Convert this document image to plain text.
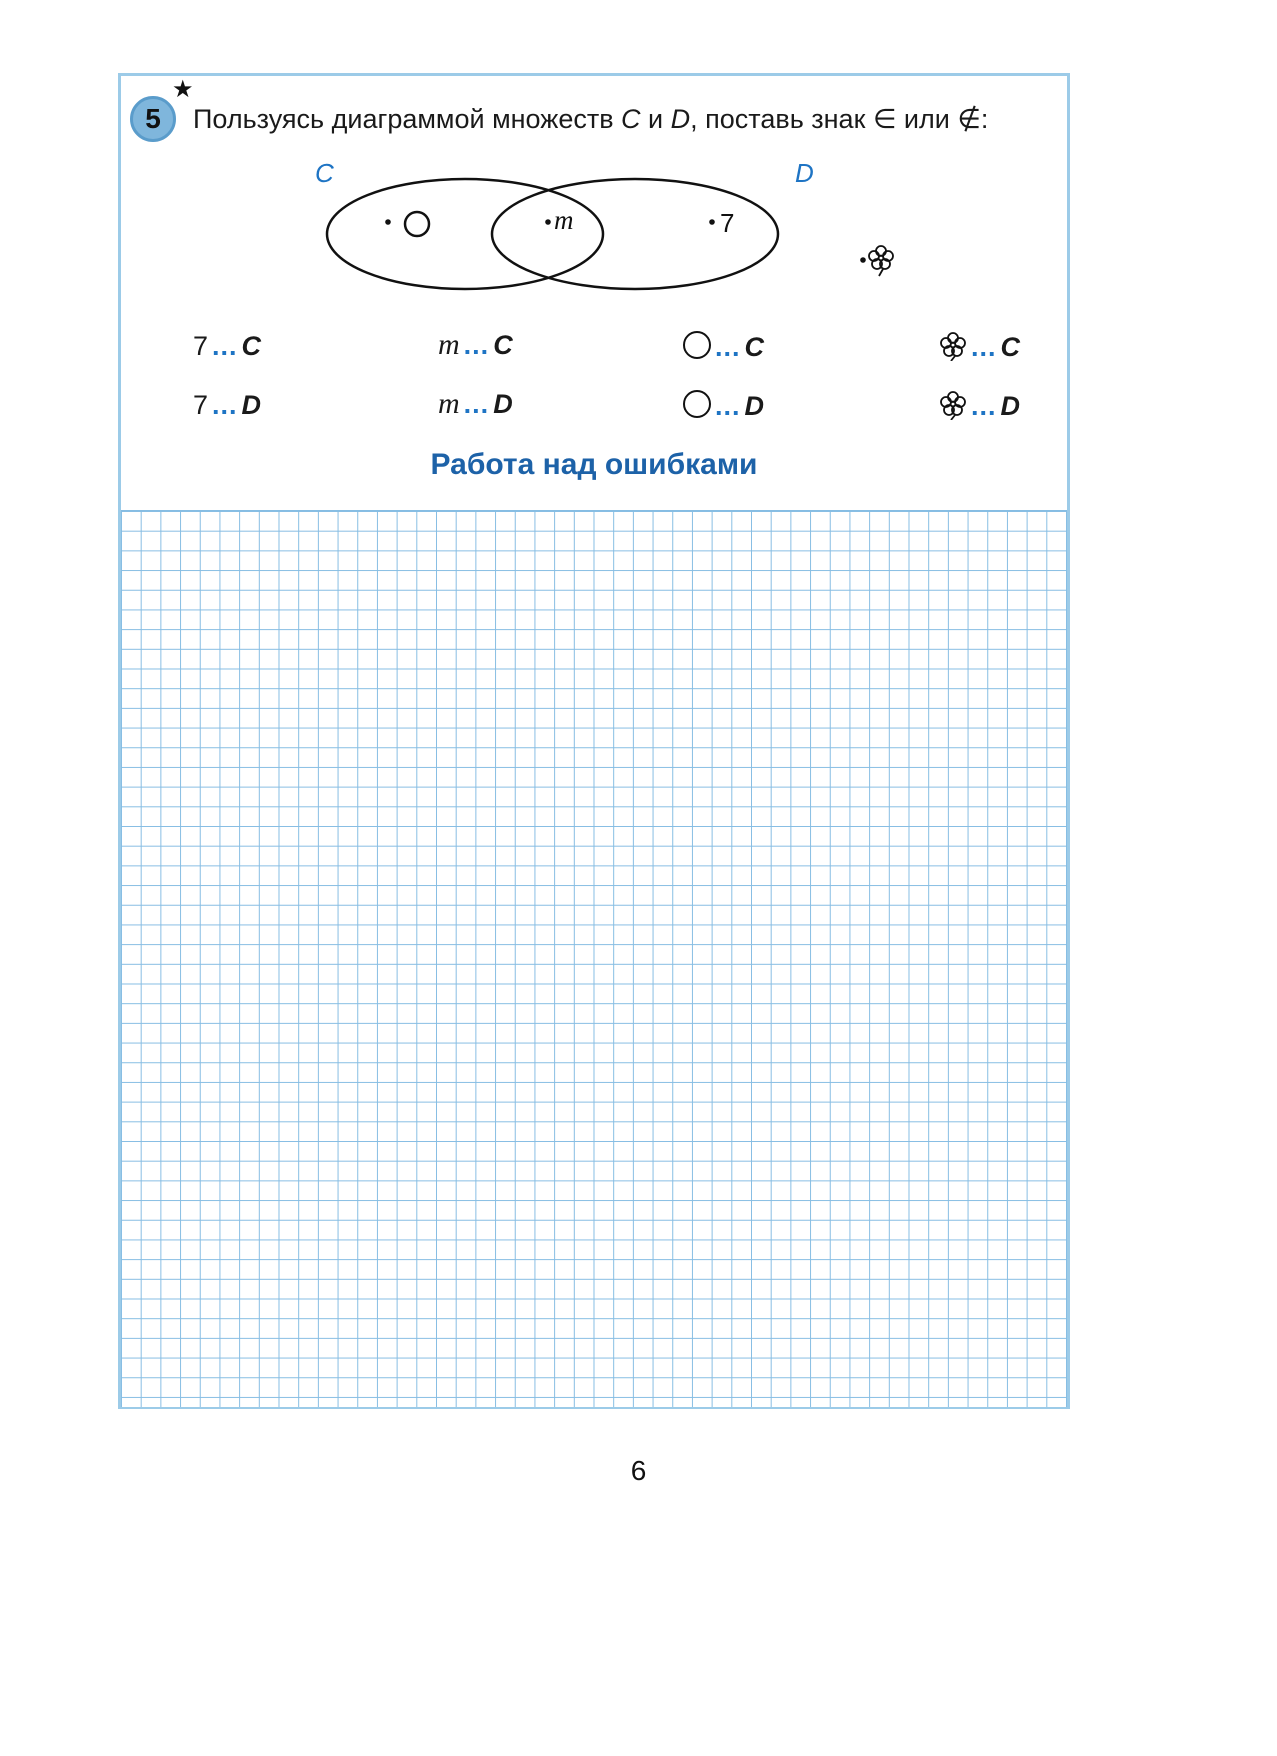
5
★
Пользуясь диаграммой множеств C и D, поставь знак ∈ или ∉:
C	D
m	7
7 ... C	m ... C	... C	... C
7 ... D	m ... D	... D	... D
Работа над ошибками
6
